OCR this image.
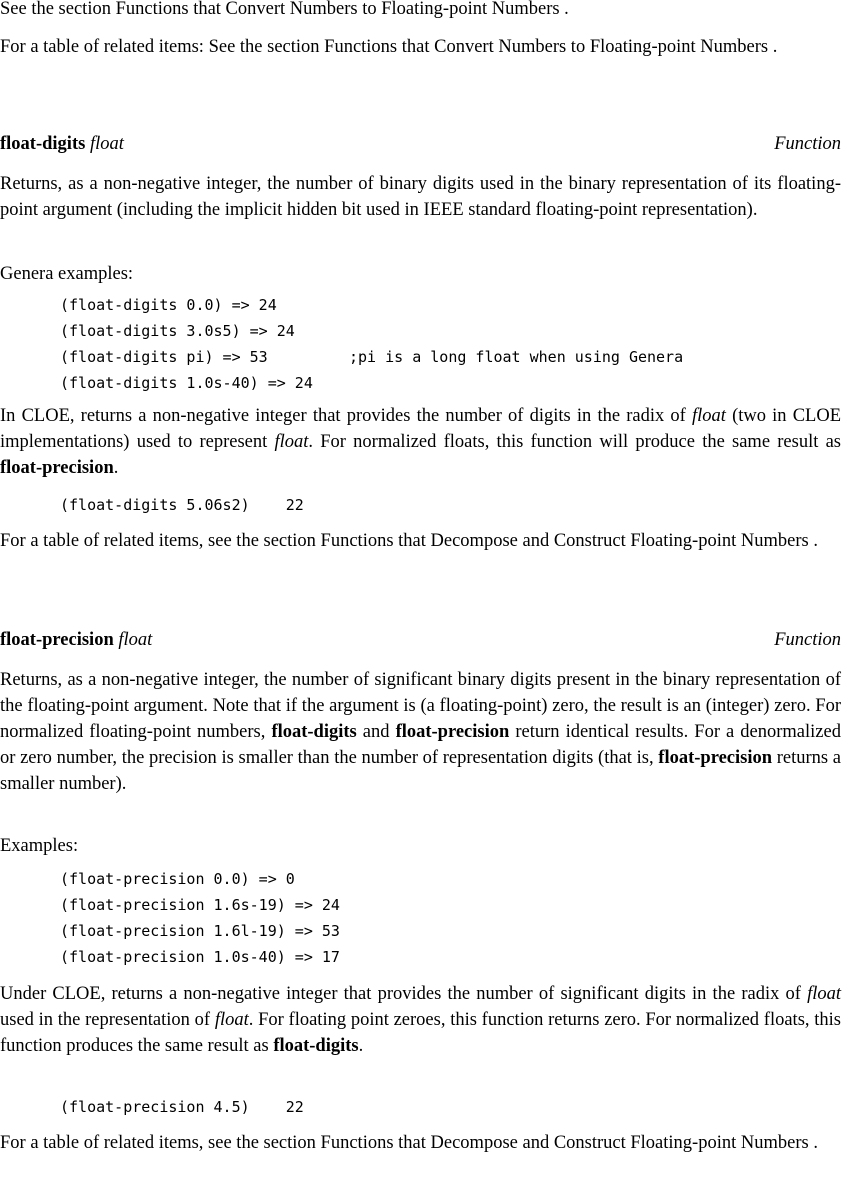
See the section Functions that Convert Numbers to Floating-point Numbers .

For a table of related items: See the section Functions that Convert Numbers to Floating-point Numbers .

float-digits float	Function

Returns, as a non-negative integer, the number of binary digits used in the binary representation of its floating-point argument (including the implicit hidden bit used in IEEE standard floating-point representation).

Genera examples:

(float-digits 0.0) => 24
(float-digits 3.0s5) => 24
(float-digits pi) => 53         ;pi is a long float when using Genera
(float-digits 1.0s-40) => 24

In CLOE, returns a non-negative integer that provides the number of digits in the radix of float (two in CLOE implementations) used to represent float. For normalized floats, this function will produce the same result as float-precision.

(float-digits 5.06s2)    22

For a table of related items, see the section Functions that Decompose and Construct Floating-point Numbers .

float-precision float	Function

Returns, as a non-negative integer, the number of significant binary digits present in the binary representation of the floating-point argument. Note that if the argument is (a floating-point) zero, the result is an (integer) zero. For normalized floating-point numbers, float-digits and float-precision return identical results. For a denormalized or zero number, the precision is smaller than the number of representation digits (that is, float-precision returns a smaller number).

Examples:

(float-precision 0.0) => 0
(float-precision 1.6s-19) => 24
(float-precision 1.6l-19) => 53
(float-precision 1.0s-40) => 17

Under CLOE, returns a non-negative integer that provides the number of significant digits in the radix of float used in the representation of float. For floating point zeroes, this function returns zero. For normalized floats, this function produces the same result as float-digits.

(float-precision 4.5)    22

For a table of related items, see the section Functions that Decompose and Construct Floating-point Numbers .
